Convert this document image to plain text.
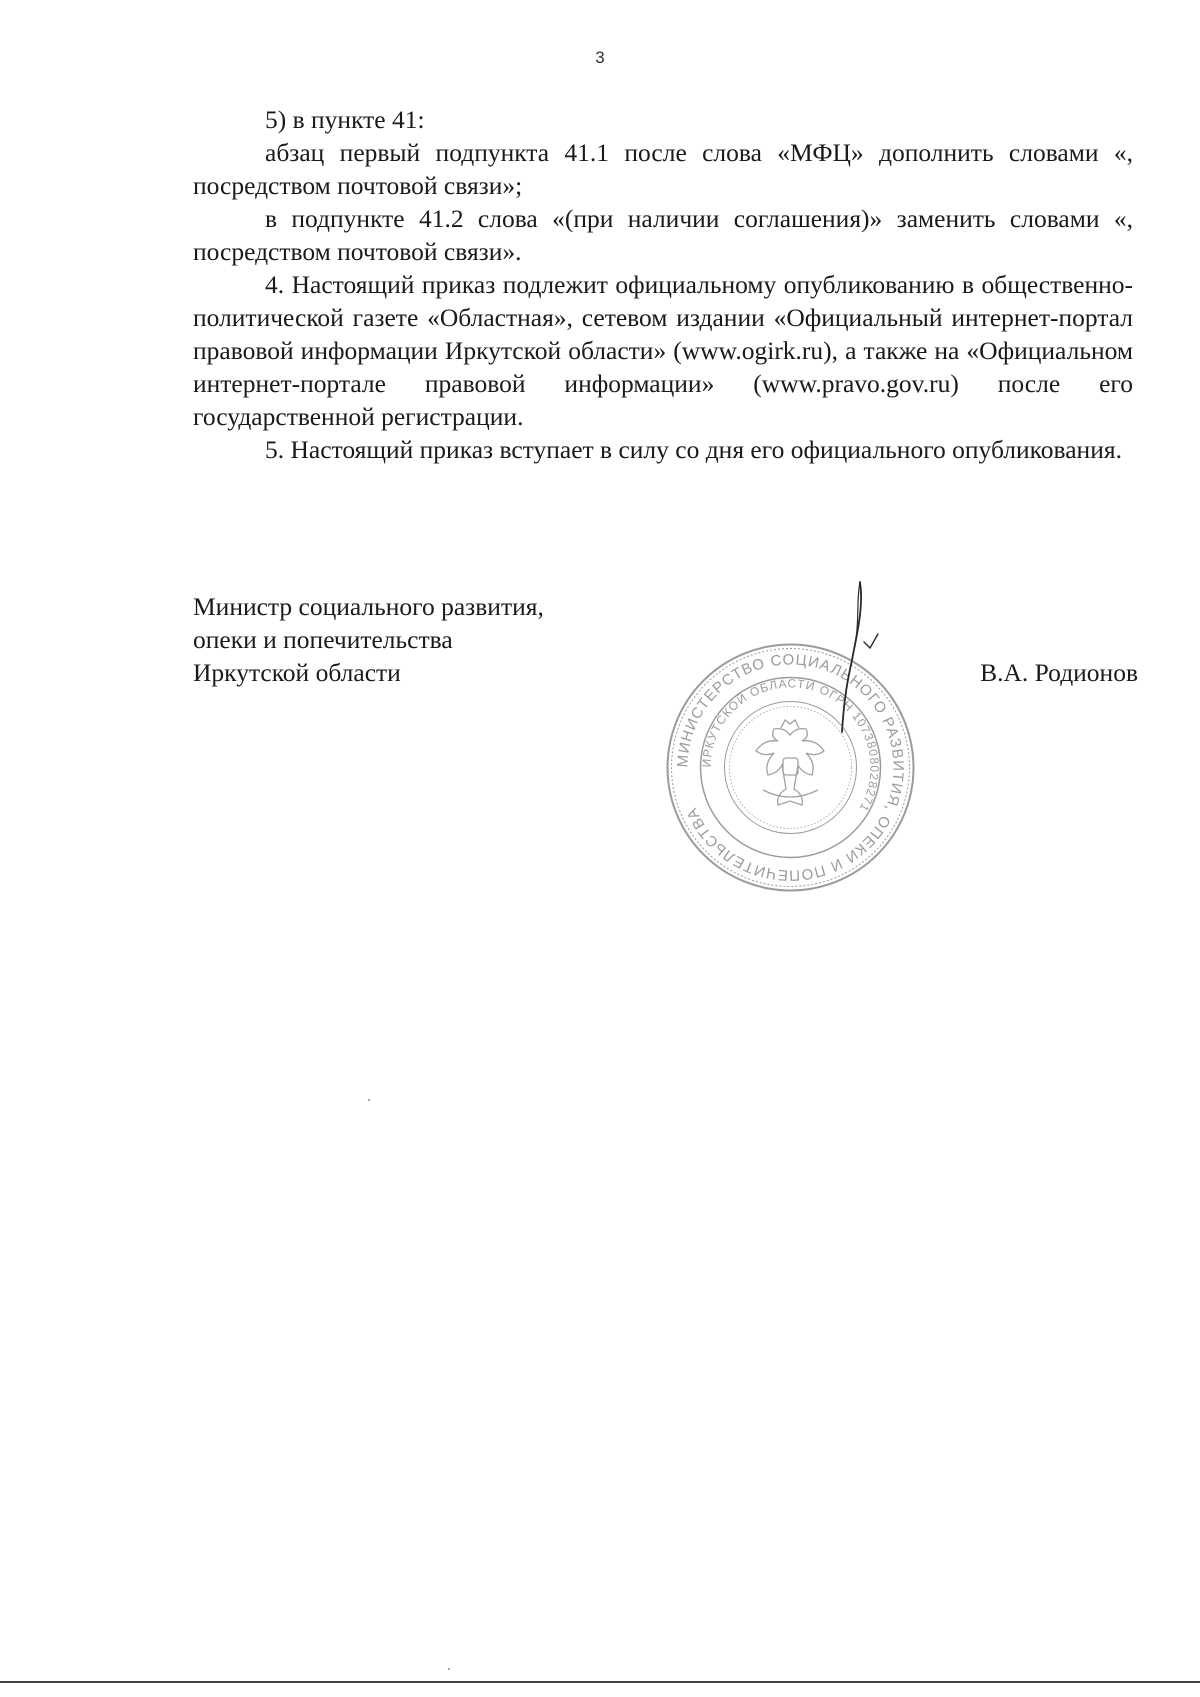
3

5) в пункте 41:

абзац первый подпункта 41.1 после слова «МФЦ» дополнить словами «, посредством почтовой связи»;

в подпункте 41.2 слова «(при наличии соглашения)» заменить словами «, посредством почтовой связи».

4. Настоящий приказ подлежит официальному опубликованию в общественно-политической газете «Областная», сетевом издании «Официальный интернет-портал правовой информации Иркутской области» (www.ogirk.ru), а также на «Официальном интернет-портале правовой информации» (www.pravo.gov.ru) после его государственной регистрации.

5. Настоящий приказ вступает в силу со дня его официального опубликования.

Министр социального развития,
опеки и попечительства
Иркутской области	В.А. Родионов
МИНИСТЕРСТВО СОЦИАЛЬНОГО РАЗВИТИЯ, ОПЕКИ И ПОПЕЧИТЕЛЬСТВА
ИРКУТСКОЙ ОБЛАСТИ ОГРН 1073808028271
